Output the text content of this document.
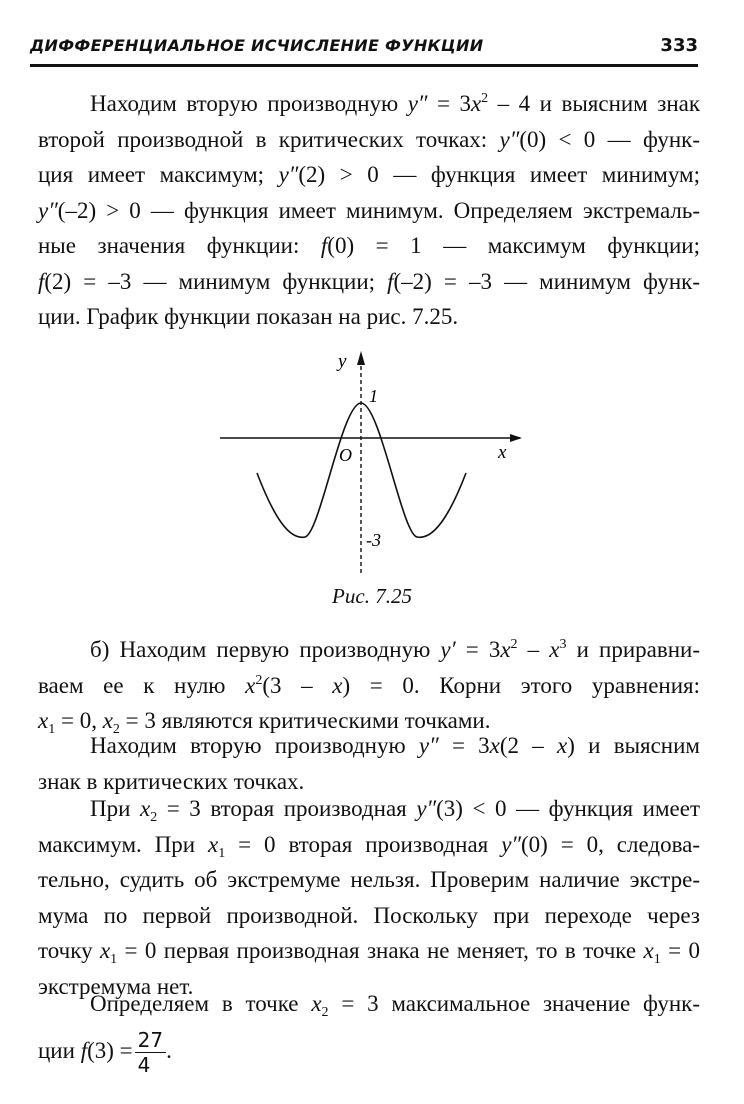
ДИФФЕРЕНЦИАЛЬНОЕ ИСЧИСЛЕНИЕ ФУНКЦИИ	333
Находим вторую производную $y'' = 3x^2 - 4$ и выясним знак
второй производной в критических точках: y″(0) < 0 — функ-
ция имеет максимум; y″(2) > 0 — функция имеет минимум;
y″(–2) > 0 — функция имеет минимум. Определяем экстремаль-
ные значения функции: f(0) = 1 — максимум функции;
f(2) = –3 — минимум функции; f(–2) = –3 — минимум функ-
ции. График функции показан на рис. 7.25.
y
x
O
1
-3
Рис. 7.25
б) Находим первую производную $y' = 3x^2 - x^3$ и приравни-
ваем ее к нулю $x^2(3 - x) = 0$. Корни этого уравнения:
$x_1 = 0$, $x_2 = 3$ являются критическими точками.
Находим вторую производную y″ = 3x(2 – x) и выясним
знак в критических точках.
При $x_2 = 3$ вторая производная y″(3) < 0 — функция имеет
максимум. При $x_1 = 0$ вторая производная y″(0) = 0, следова-
тельно, судить об экстремуме нельзя. Проверим наличие экстре-
мума по первой производной. Поскольку при переходе через
точку $x_1 = 0$ первая производная знака не меняет, то в точке $x_1 = 0$
экстремума нет.
Определяем в точке $x_2 = 3$ максимальное значение функ-
ции $f(3) = \frac{27}{4}$ .
